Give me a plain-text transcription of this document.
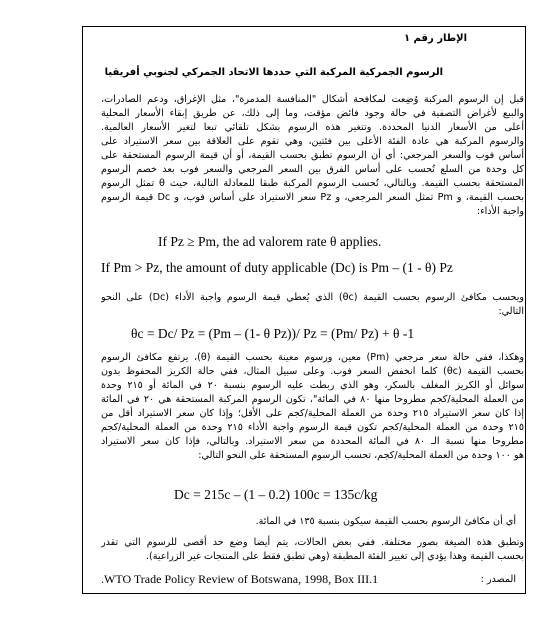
الإطار رقم ١
الرسوم الجمركية المركبة التي حددها الاتحاد الجمركي لجنوبي أفريقيا
قبل إن الرسوم المركبة وُضِعت لمكافحة أشكال "المنافسة المدمرة"، مثل الإغراق، ودعم الصادرات،
والبيع لأغراض التصفية في حالة وجود فائض مؤقت، وما إلى ذلك، عن طريق إبقاء الأسعار المحلية
أعلى من الأسعار الدنيا المحددة. وتتغير هذه الرسوم بشكل تلقائي تبعا لتغير الأسعار العالمية.
والرسوم المركبة هي عادة الفئة الأعلى بين فئتين، وهي تقوم على العلاقة بين سعر الاستيراد على
أساس فوب والسعر المرجعي: أي أن الرسوم تطبق بحسب القيمة، أو أن قيمة الرسوم المستحقة على
كل وحدة من السلع تُحسب على أساس الفرق بين السعر المرجعي والسعر فوب بعد خصم الرسوم
المستحقة بحسب القيمة. وبالتالي، تُحسب الرسوم المركبة طبقا للمعادلة التالية، حيث θ تمثل الرسوم
بحسب القيمة، و Pm تمثل السعر المرجعي، و Pz سعر الاستيراد على أساس فوب، و Dc قيمة الرسوم
واجبة الأداء:
If Pz ≥ Pm, the ad valorem rate θ applies.
If Pm > Pz, the amount of duty applicable (Dc) is Pm – (1 - θ) Pz
ويحسب مكافئ الرسوم بحسب القيمة (θc) الذي يُعطي قيمة الرسوم واجبة الأداء (Dc) على النحو
التالي:
θc = Dc/ Pz = (Pm – (1- θ Pz))/ Pz = (Pm/ Pz) + θ -1
وهكذا، ففي حالة سعر مرجعي (Pm) معين، ورسوم معينة بحسب القيمة (θ)، يرتفع مكافئ الرسوم
بحسب القيمة (θc) كلما انخفض السعر فوب. وعلى سبيل المثال، ففي حالة الكريز المحفوظ بدون
سوائل أو الكريز المغلف بالسكر، وهو الذي ربطت عليه الرسوم بنسبة ٢٠ في المائة أو ٢١٥ وحدة
من العملة المحلية/كجم مطروحا منها ٨٠ في المائة"، تكون الرسوم المركبة المستحقة هي ٢٠ في المائة
إذا كان سعر الاستيراد ٢١٥ وحدة من العملة المحلية/كجم على الأقل؛ وإذا كان سعر الاستيراد أقل من
٢١٥ وحدة من العملة المحلية/كجم تكون قيمة الرسوم واجبة الأداء ٢١٥ وحدة من العملة المحلية/كجم
مطروحا منها نسبة الـ ٨٠ في المائة المحددة من سعر الاستيراد. وبالتالي، فإذا كان سعر الاستيراد
هو ١٠٠ وحدة من العملة المحلية/كجم، تحسب الرسوم المستحقة على النحو التالي:
Dc = 215c – (1 – 0.2) 100c = 135c/kg
أي أن مكافئ الرسوم بحسب القيمة سيكون بنسبة ١٣٥ في المائة.
وتطبق هذه الصيغة بصور مختلفة. ففي بعض الحالات، يتم أيضا وضع حد أقصى للرسوم التي تقدر
بحسب القيمة وهذا يؤدي إلى تغيير الفئة المطبقة (وهي تطبق فقط على المنتجات غير الزراعية).
المصدر :
.WTO Trade Policy Review of Botswana, 1998, Box III.1
